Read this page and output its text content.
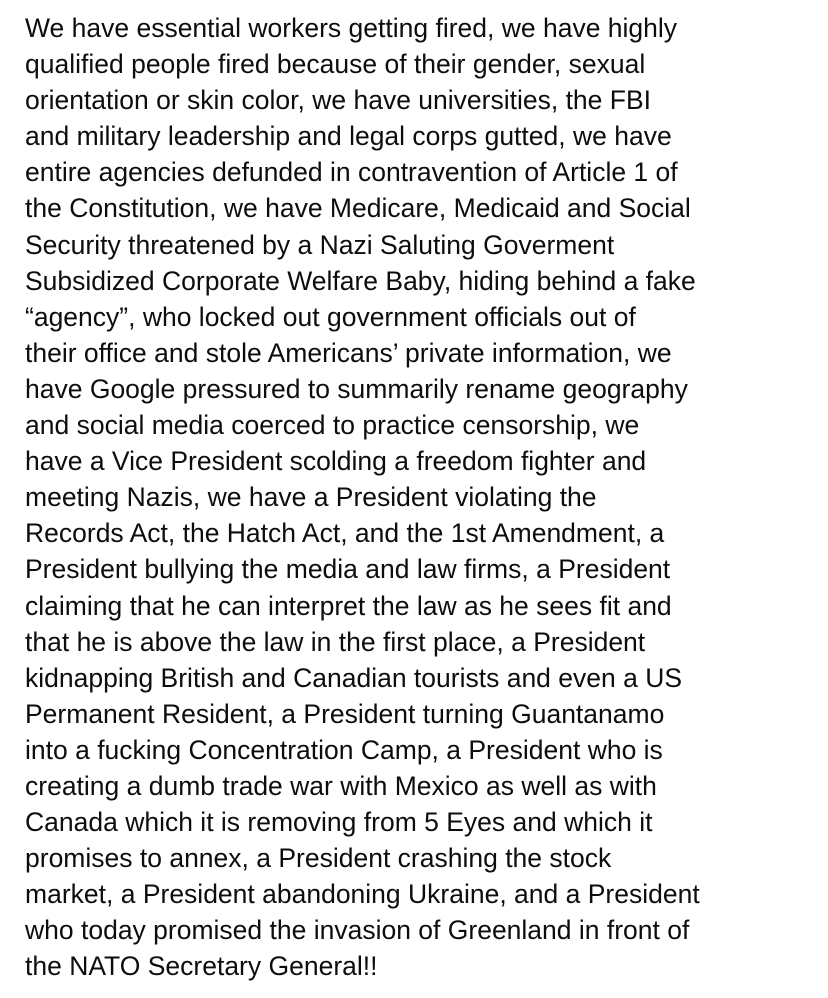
We have essential workers getting fired, we have highly
qualified people fired because of their gender, sexual
orientation or skin color, we have universities, the FBI
and military leadership and legal corps gutted, we have
entire agencies defunded in contravention of Article 1 of
the Constitution, we have Medicare, Medicaid and Social
Security threatened by a Nazi Saluting Goverment
Subsidized Corporate Welfare Baby, hiding behind a fake
“agency”, who locked out government officials out of
their office and stole Americans’ private information, we
have Google pressured to summarily rename geography
and social media coerced to practice censorship, we
have a Vice President scolding a freedom fighter and
meeting Nazis, we have a President violating the
Records Act, the Hatch Act, and the 1st Amendment, a
President bullying the media and law firms, a President
claiming that he can interpret the law as he sees fit and
that he is above the law in the first place, a President
kidnapping British and Canadian tourists and even a US
Permanent Resident, a President turning Guantanamo
into a fucking Concentration Camp, a President who is
creating a dumb trade war with Mexico as well as with
Canada which it is removing from 5 Eyes and which it
promises to annex, a President crashing the stock
market, a President abandoning Ukraine, and a President
who today promised the invasion of Greenland in front of
the NATO Secretary General!!
